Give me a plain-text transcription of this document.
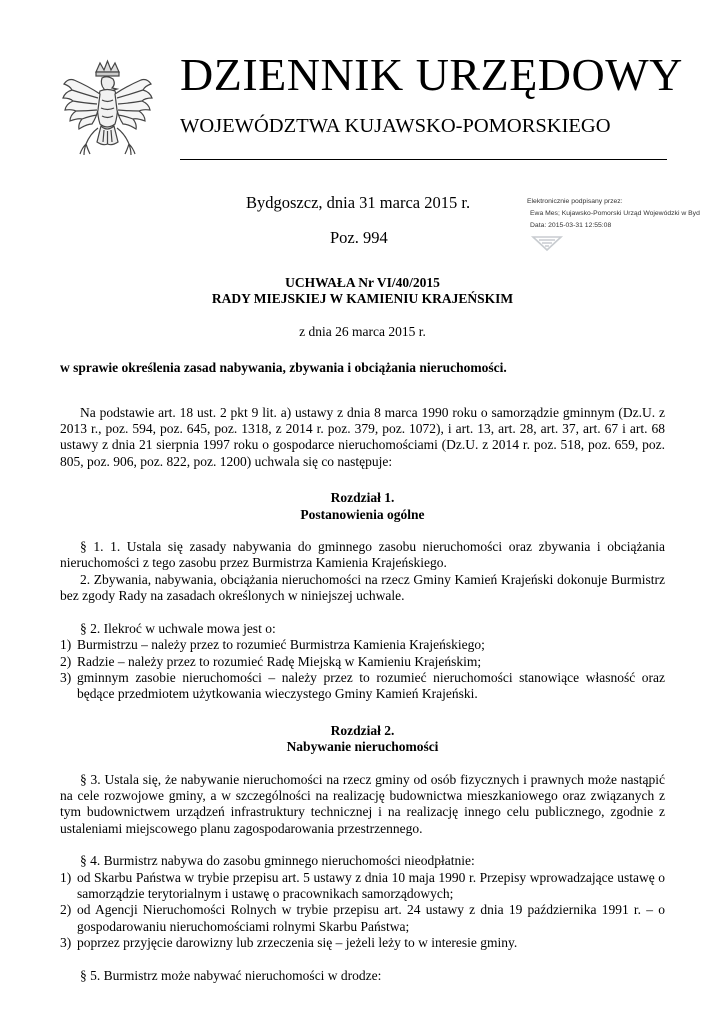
DZIENNIK URZĘDOWY
WOJEWÓDZTWA KUJAWSKO-POMORSKIEGO
Bydgoszcz, dnia 31 marca 2015 r.
Poz. 994
Elektronicznie podpisany przez:
Ewa Mes; Kujawsko-Pomorski Urząd Wojewódzki w Byd
Data: 2015-03-31 12:55:08

UCHWAŁA Nr VI/40/2015

RADY MIEJSKIEJ W KAMIENIU KRAJEŃSKIM

z dnia 26 marca 2015 r.

w sprawie określenia zasad nabywania, zbywania i obciążania nieruchomości.

Na podstawie art. 18 ust. 2 pkt 9 lit. a) ustawy z dnia 8 marca 1990 roku o samorządzie gminnym (Dz.U. z 2013 r., poz. 594, poz. 645, poz. 1318, z 2014 r. poz. 379, poz. 1072), i art. 13, art. 28, art. 37, art. 67 i art. 68 ustawy z dnia 21 sierpnia 1997 roku o gospodarce nieruchomościami (Dz.U. z 2014 r. poz. 518, poz. 659, poz. 805, poz. 906, poz. 822, poz. 1200) uchwala się co następuje:

Rozdział 1.

Postanowienia ogólne

§ 1. 1. Ustala się zasady nabywania do gminnego zasobu nieruchomości oraz zbywania i obciążania nieruchomości z tego zasobu przez Burmistrza Kamienia Krajeńskiego.

2. Zbywania, nabywania, obciążania nieruchomości na rzecz Gminy Kamień Krajeński dokonuje Burmistrz bez zgody Rady na zasadach określonych w niniejszej uchwale.

§ 2. Ilekroć w uchwale mowa jest o:

1) Burmistrzu – należy przez to rozumieć Burmistrza Kamienia Krajeńskiego;
2) Radzie – należy przez to rozumieć Radę Miejską w Kamieniu Krajeńskim;
3) gminnym zasobie nieruchomości – należy przez to rozumieć nieruchomości stanowiące własność oraz będące przedmiotem użytkowania wieczystego Gminy Kamień Krajeński.

Rozdział 2.

Nabywanie nieruchomości

§ 3. Ustala się, że nabywanie nieruchomości na rzecz gminy od osób fizycznych i prawnych może nastąpić na cele rozwojowe gminy, a w szczególności na realizację budownictwa mieszkaniowego oraz związanych z tym budownictwem urządzeń infrastruktury technicznej i na realizację innego celu publicznego, zgodnie z ustaleniami miejscowego planu zagospodarowania przestrzennego.

§ 4. Burmistrz nabywa do zasobu gminnego nieruchomości nieodpłatnie:

1) od Skarbu Państwa w trybie przepisu art. 5 ustawy z dnia 10 maja 1990 r. Przepisy wprowadzające ustawę o samorządzie terytorialnym i ustawę o pracownikach samorządowych;
2) od Agencji Nieruchomości Rolnych w trybie przepisu art. 24 ustawy z dnia 19 października 1991 r. – o gospodarowaniu nieruchomościami rolnymi Skarbu Państwa;
3) poprzez przyjęcie darowizny lub zrzeczenia się – jeżeli leży to w interesie gminy.

§ 5. Burmistrz może nabywać nieruchomości w drodze:
